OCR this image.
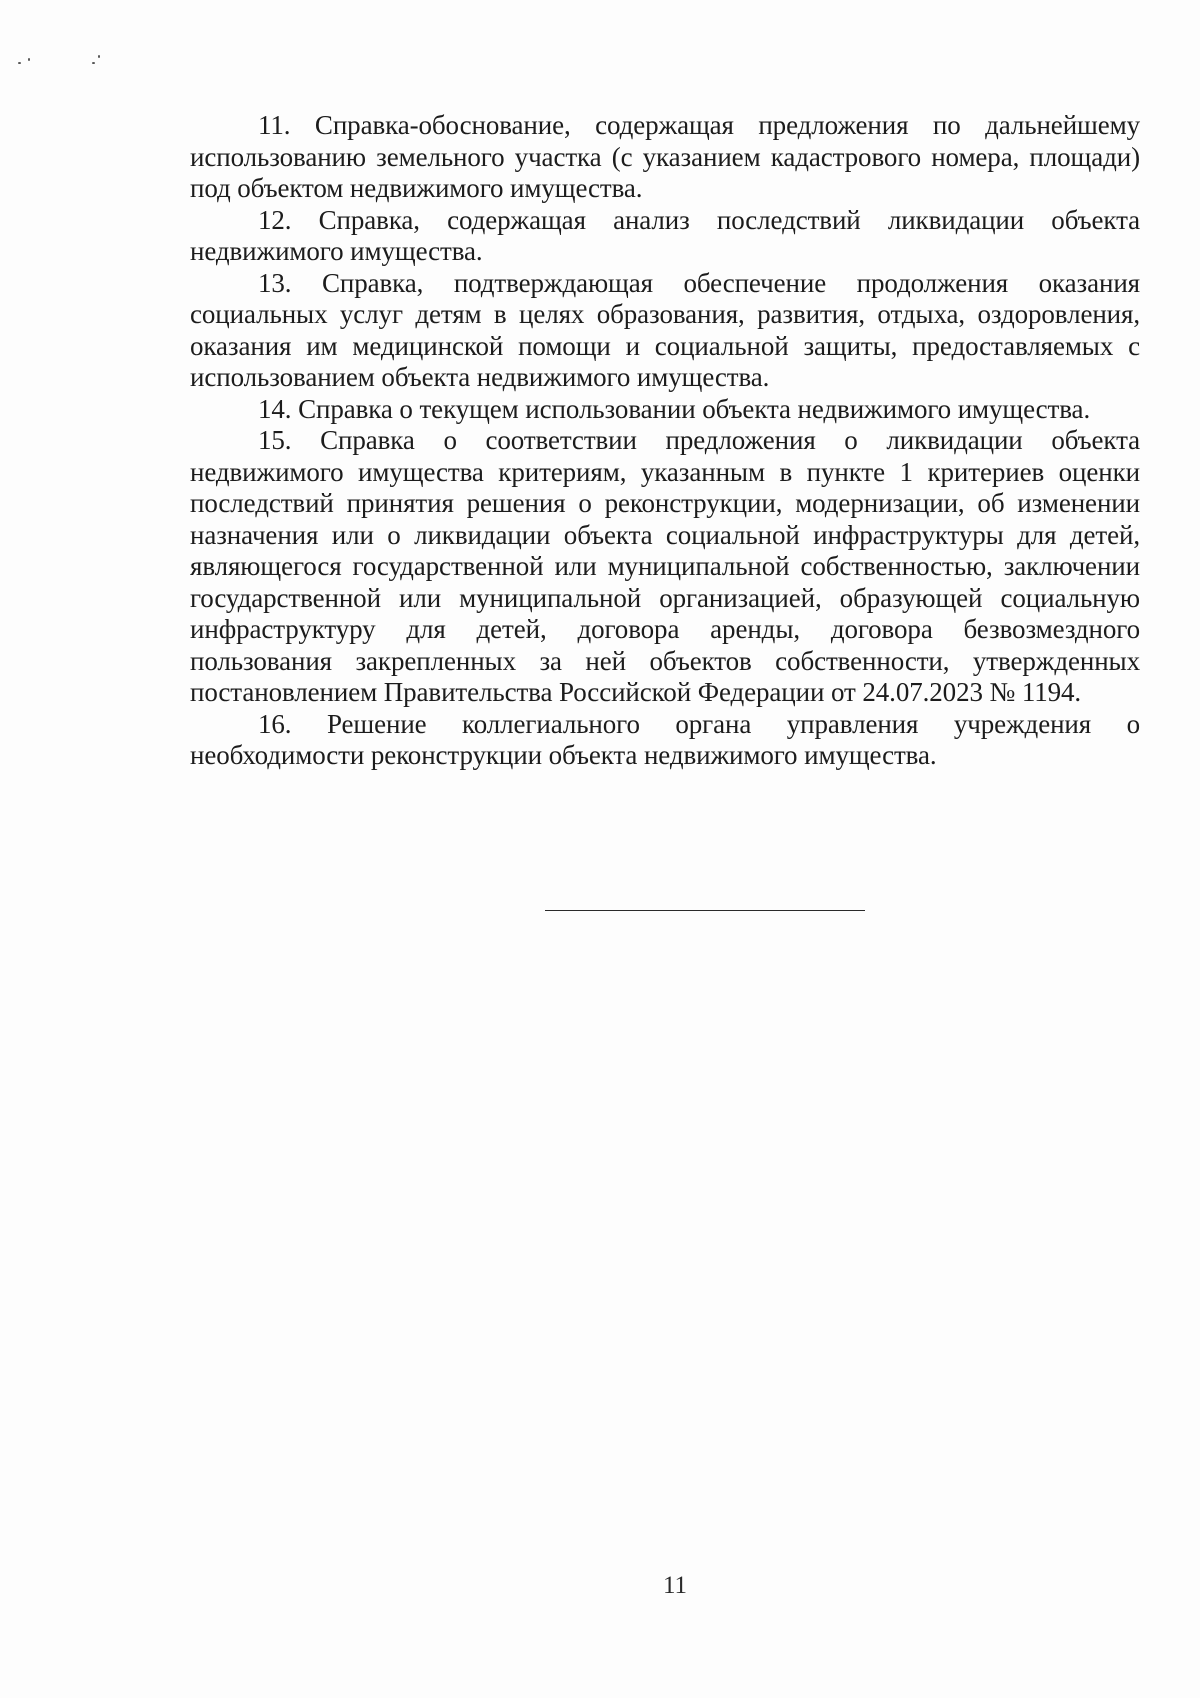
11. Справка-обоснование, содержащая предложения по дальнейшему использованию земельного участка (с указанием кадастрового номера, площади) под объектом недвижимого имущества.

12. Справка, содержащая анализ последствий ликвидации объекта недвижимого имущества.

13. Справка, подтверждающая обеспечение продолжения оказания социальных услуг детям в целях образования, развития, отдыха, оздоровления, оказания им медицинской помощи и социальной защиты, предоставляемых с использованием объекта недвижимого имущества.

14. Справка о текущем использовании объекта недвижимого имущества.

15. Справка о соответствии предложения о ликвидации объекта недвижимого имущества критериям, указанным в пункте 1 критериев оценки последствий принятия решения о реконструкции, модернизации, об изменении назначения или о ликвидации объекта социальной инфраструктуры для детей, являющегося государственной или муниципальной собственностью, заключении государственной или муниципальной организацией, образующей социальную инфраструктуру для детей, договора аренды, договора безвозмездного пользования закрепленных за ней объектов собственности, утвержденных постановлением Правительства Российской Федерации от 24.07.2023 № 1194.

16. Решение коллегиального органа управления учреждения о необходимости реконструкции объекта недвижимого имущества.

11
